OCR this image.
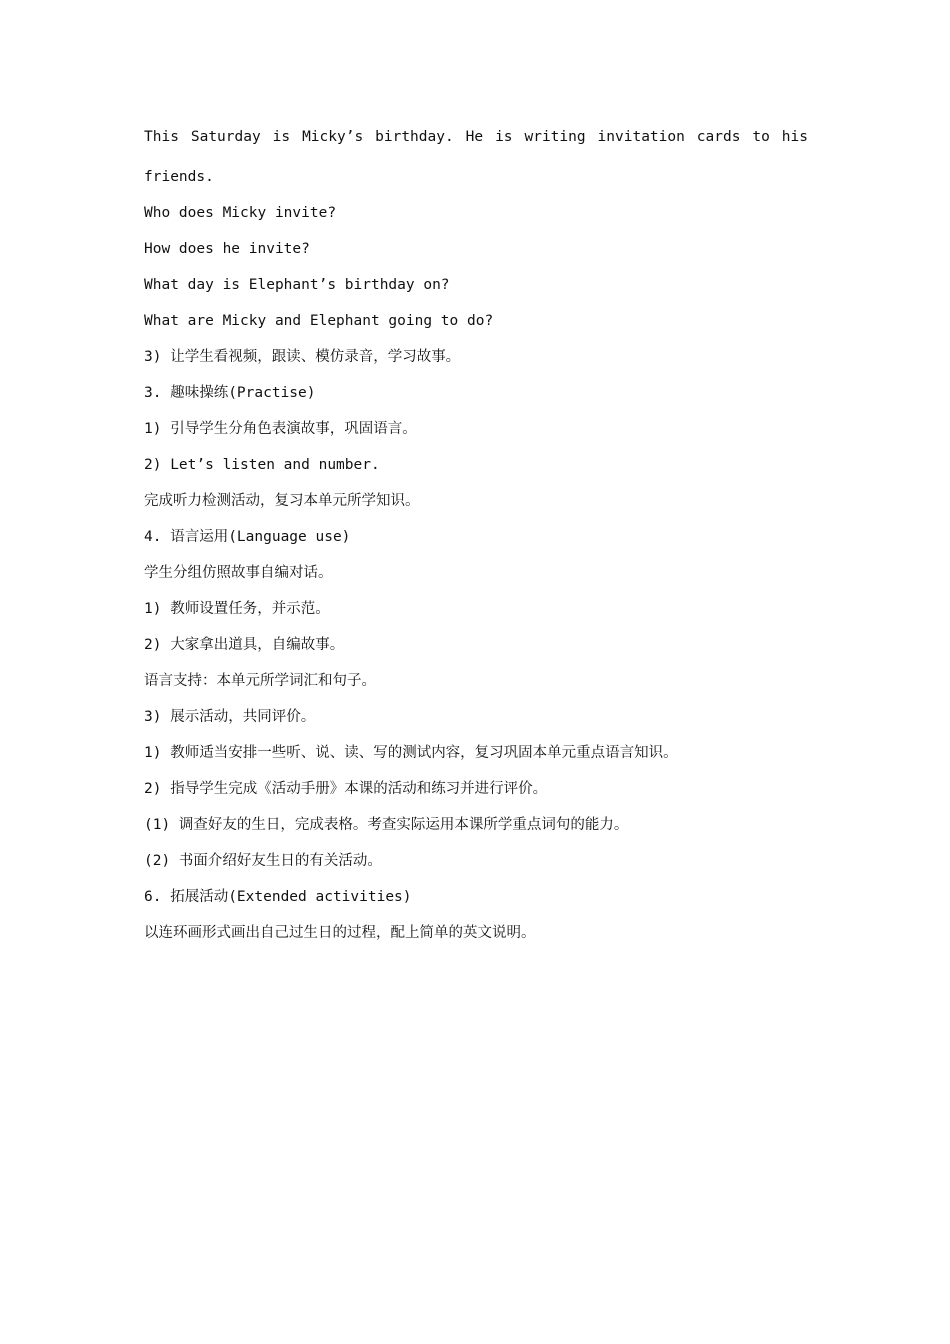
This Saturday is Micky’s birthday. He is writing invitation cards to his
friends.
Who does Micky invite?
How does he invite?
What day is Elephant’s birthday on?
What are Micky and Elephant going to do?
3) 让学生看视频，跟读、模仿录音，学习故事。
3. 趣味操练(Practise)
1) 引导学生分角色表演故事，巩固语言。
2) Let’s listen and number.
完成听力检测活动，复习本单元所学知识。
4. 语言运用(Language use)
学生分组仿照故事自编对话。
1) 教师设置任务，并示范。
2) 大家拿出道具，自编故事。
语言支持：本单元所学词汇和句子。
3) 展示活动，共同评价。
1) 教师适当安排一些听、说、读、写的测试内容，复习巩固本单元重点语言知识。
2) 指导学生完成《活动手册》本课的活动和练习并进行评价。
(1) 调查好友的生日，完成表格。考查实际运用本课所学重点词句的能力。
(2) 书面介绍好友生日的有关活动。
6. 拓展活动(Extended activities)
以连环画形式画出自己过生日的过程，配上简单的英文说明。
